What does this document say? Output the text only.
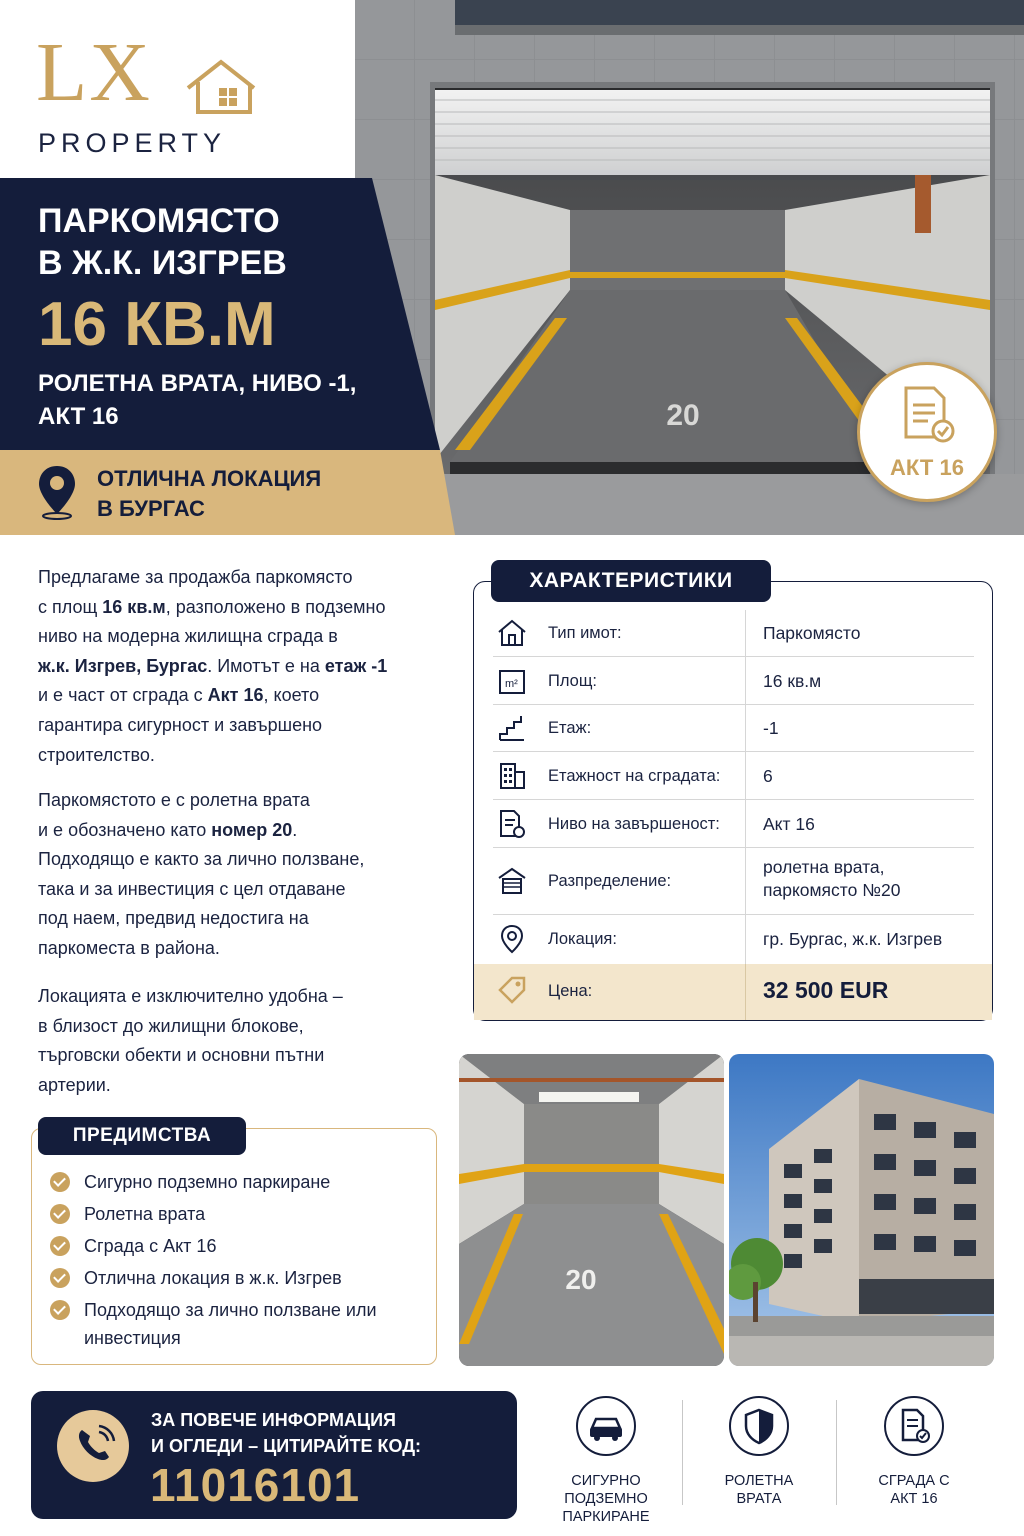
20
LX
PROPERTY
ПАРКОМЯСТО
В Ж.К. ИЗГРЕВ
16 КВ.М
РОЛЕТНА ВРАТА, НИВО -1,
АКТ 16
ОТЛИЧНА ЛОКАЦИЯ
В БУРГАС
АКТ 16
Предлагаме за продажба паркомясто
с площ 16 кв.м, разположено в подземно
ниво на модерна жилищна сграда в
ж.к. Изгрев, Бургас. Имотът е на етаж -1
и е част от сграда с Акт 16, което
гарантира сигурност и завършено
строителство.
Паркомястото е с ролетна врата
и е обозначено като номер 20.
Подходящо е както за лично ползване,
така и за инвестиция с цел отдаване
под наем, предвид недостига на
паркоместа в района.
Локацията е изключително удобна –
в близост до жилищни блокове,
търговски обекти и основни пътни
артерии.
ПРЕДИМСТВА
Сигурно подземно паркиране
Ролетна врата
Сграда с Акт 16
Отлична локация в ж.к. Изгрев
Подходящо за лично ползване или инвестиция
ХАРАКТЕРИСТИКИ
Тип имот:	Паркомясто
m² Площ:	16 кв.м
Етаж:	-1
Етажност на сградата: 6
Ниво на завършеност: Акт 16
Разпределение:
ролетна врата, паркомясто №20
Локация:	гр. Бургас, ж.к. Изгрев
Цена:	32 500 EUR
20
ЗА ПОВЕЧЕ ИНФОРМАЦИЯ
И ОГЛЕДИ – ЦИТИРАЙТЕ КОД:
11016101	СИГУРНО ПОДЗЕМНО ПАРКИРАНЕ
РОЛЕТНА ВРАТА
СГРАДА С АКТ 16
